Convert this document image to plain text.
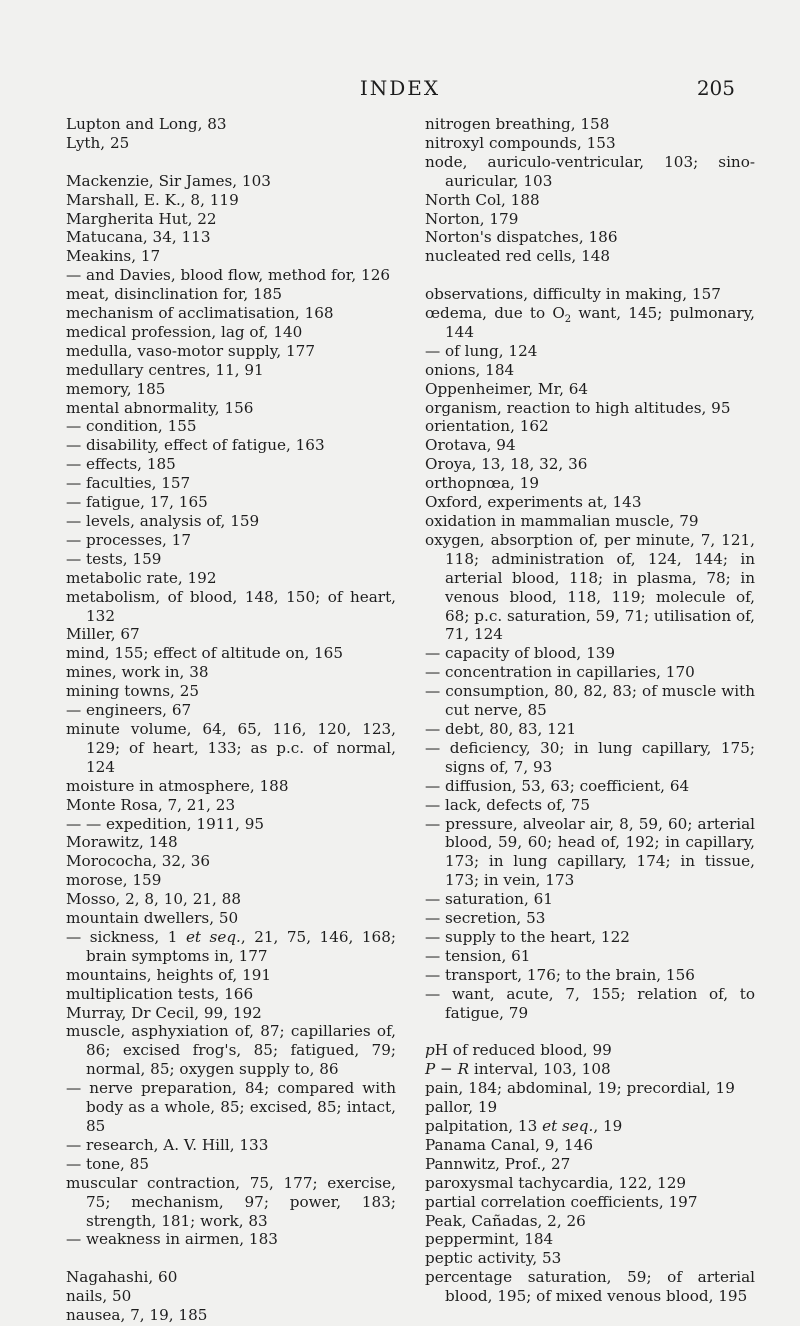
INDEX	205
Lupton and Long, 83
Lyth, 25
Mackenzie, Sir James, 103
Marshall, E. K., 8, 119
Margherita Hut, 22
Matucana, 34, 113
Meakins, 17
— and Davies, blood flow, method for, 126
meat, disinclination for, 185
mechanism of acclimatisation, 168
medical profession, lag of, 140
medulla, vaso-motor supply, 177
medullary centres, 11, 91
memory, 185
mental abnormality, 156
— condition, 155
— disability, effect of fatigue, 163
— effects, 185
— faculties, 157
— fatigue, 17, 165
— levels, analysis of, 159
— processes, 17
— tests, 159
metabolic rate, 192
metabolism, of blood, 148, 150; of heart, 132
Miller, 67
mind, 155; effect of altitude on, 165
mines, work in, 38
mining towns, 25
— engineers, 67
minute volume, 64, 65, 116, 120, 123, 129; of heart, 133; as p.c. of normal, 124
moisture in atmosphere, 188
Monte Rosa, 7, 21, 23
— — expedition, 1911, 95
Morawitz, 148
Morococha, 32, 36
morose, 159
Mosso, 2, 8, 10, 21, 88
mountain dwellers, 50
— sickness, 1 et seq., 21, 75, 146, 168; brain symptoms in, 177
mountains, heights of, 191
multiplication tests, 166
Murray, Dr Cecil, 99, 192
muscle, asphyxiation of, 87; capillaries of, 86; excised frog's, 85; fatigued, 79; normal, 85; oxygen supply to, 86
— nerve preparation, 84; compared with body as a whole, 85; excised, 85; intact, 85
— research, A. V. Hill, 133
— tone, 85
muscular contraction, 75, 177; exercise, 75; mechanism, 97; power, 183; strength, 181; work, 83
— weakness in airmen, 183
Nagahashi, 60
nails, 50
nausea, 7, 19, 185
nitrogen breathing, 158
nitroxyl compounds, 153
node, auriculo-ventricular, 103; sino-auricular, 103
North Col, 188
Norton, 179
Norton's dispatches, 186
nucleated red cells, 148
observations, difficulty in making, 157
œdema, due to $O_2$ want, 145; pulmonary, 144
— of lung, 124
onions, 184
Oppenheimer, Mr, 64
organism, reaction to high altitudes, 95
orientation, 162
Orotava, 94
Oroya, 13, 18, 32, 36
orthopnœa, 19
Oxford, experiments at, 143
oxidation in mammalian muscle, 79
oxygen, absorption of, per minute, 7, 121, 118; administration of, 124, 144; in arterial blood, 118; in plasma, 78; in venous blood, 118, 119; molecule of, 68; p.c. saturation, 59, 71; utilisation of, 71, 124
— capacity of blood, 139
— concentration in capillaries, 170
— consumption, 80, 82, 83; of muscle with cut nerve, 85
— debt, 80, 83, 121
— deficiency, 30; in lung capillary, 175; signs of, 7, 93
— diffusion, 53, 63; coefficient, 64
— lack, defects of, 75
— pressure, alveolar air, 8, 59, 60; arterial blood, 59, 60; head of, 192; in capillary, 173; in lung capillary, 174; in tissue, 173; in vein, 173
— saturation, 61
— secretion, 53
— supply to the heart, 122
— tension, 61
— transport, 176; to the brain, 156
— want, acute, 7, 155; relation of, to fatigue, 79
pH of reduced blood, 99
P − R interval, 103, 108
pain, 184; abdominal, 19; precordial, 19
pallor, 19
palpitation, 13 et seq., 19
Panama Canal, 9, 146
Pannwitz, Prof., 27
paroxysmal tachycardia, 122, 129
partial correlation coefficients, 197
Peak, Cañadas, 2, 26
peppermint, 184
peptic activity, 53
percentage saturation, 59; of arterial blood, 195; of mixed venous blood, 195
